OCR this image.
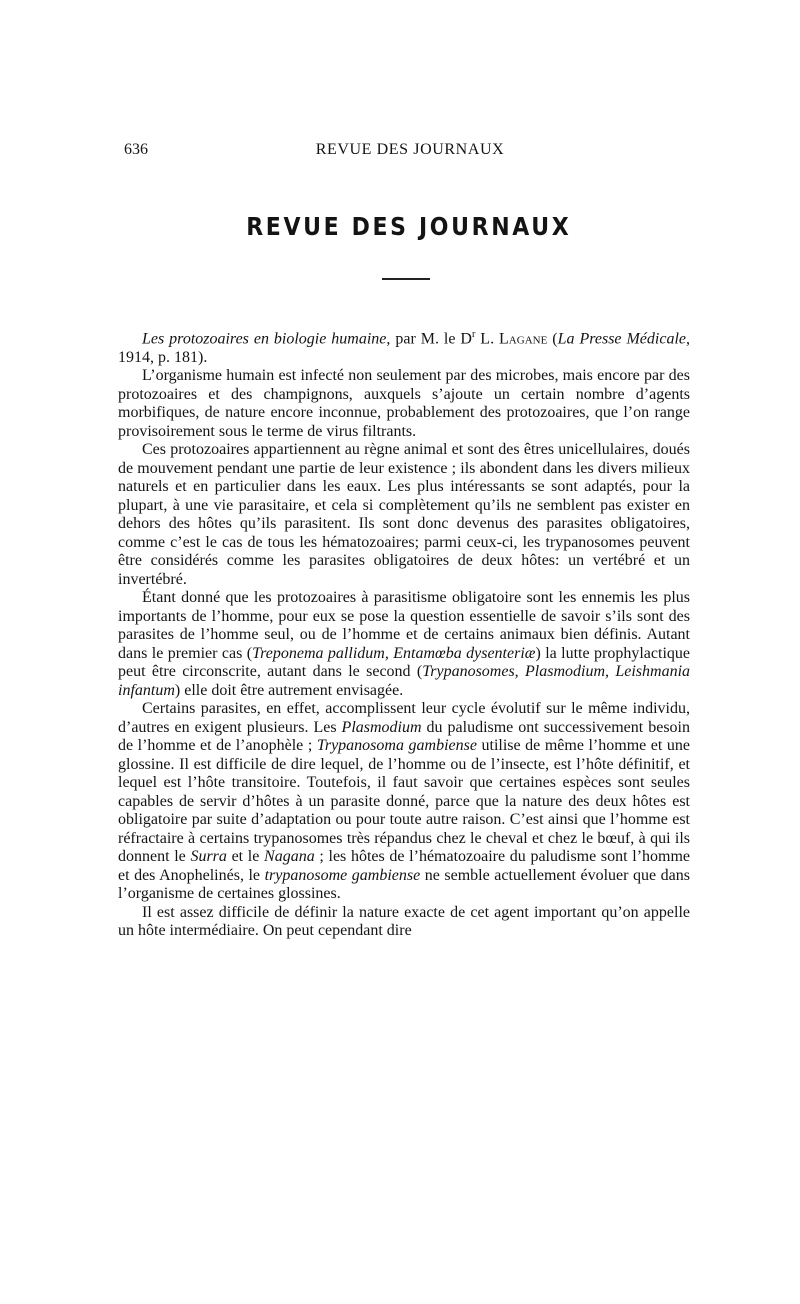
636	REVUE DES JOURNAUX
REVUE DES JOURNAUX

Les protozoaires en biologie humaine, par M. le $D^r$ L. Lagane (La Presse Médicale, 1914, p. 181).

L’organisme humain est infecté non seulement par des microbes, mais encore par des protozoaires et des champignons, auxquels s’ajoute un certain nombre d’agents morbifiques, de nature encore inconnue, probablement des protozoaires, que l’on range provisoirement sous le terme de virus filtrants.

Ces protozoaires appartiennent au règne animal et sont des êtres unicellulaires, doués de mouvement pendant une partie de leur existence ; ils abondent dans les divers milieux naturels et en particulier dans les eaux. Les plus intéressants se sont adaptés, pour la plupart, à une vie parasitaire, et cela si complètement qu’ils ne semblent pas exister en dehors des hôtes qu’ils parasitent. Ils sont donc devenus des parasites obligatoires, comme c’est le cas de tous les hématozoaires; parmi ceux-ci, les trypanosomes peuvent être considérés comme les parasites obligatoires de deux hôtes: un vertébré et un invertébré.

Étant donné que les protozoaires à parasitisme obligatoire sont les ennemis les plus importants de l’homme, pour eux se pose la question essentielle de savoir s’ils sont des parasites de l’homme seul, ou de l’homme et de certains animaux bien définis. Autant dans le premier cas (Treponema pallidum, Entamœba dysenteriæ) la lutte prophylactique peut être circonscrite, autant dans le second (Trypanosomes, Plasmodium, Leishmania infantum) elle doit être autrement envisagée.

Certains parasites, en effet, accomplissent leur cycle évolutif sur le même individu, d’autres en exigent plusieurs. Les Plasmodium du paludisme ont successivement besoin de l’homme et de l’anophèle ; Trypanosoma gambiense utilise de même l’homme et une glossine. Il est difficile de dire lequel, de l’homme ou de l’insecte, est l’hôte définitif, et lequel est l’hôte transitoire. Toutefois, il faut savoir que certaines espèces sont seules capables de servir d’hôtes à un parasite donné, parce que la nature des deux hôtes est obligatoire par suite d’adaptation ou pour toute autre raison. C’est ainsi que l’homme est réfractaire à certains trypanosomes très répandus chez le cheval et chez le bœuf, à qui ils donnent le Surra et le Nagana ; les hôtes de l’hématozoaire du paludisme sont l’homme et des Anophelinés, le trypanosome gambiense ne semble actuellement évoluer que dans l’organisme de certaines glossines.

Il est assez difficile de définir la nature exacte de cet agent important qu’on appelle un hôte intermédiaire. On peut cependant dire
